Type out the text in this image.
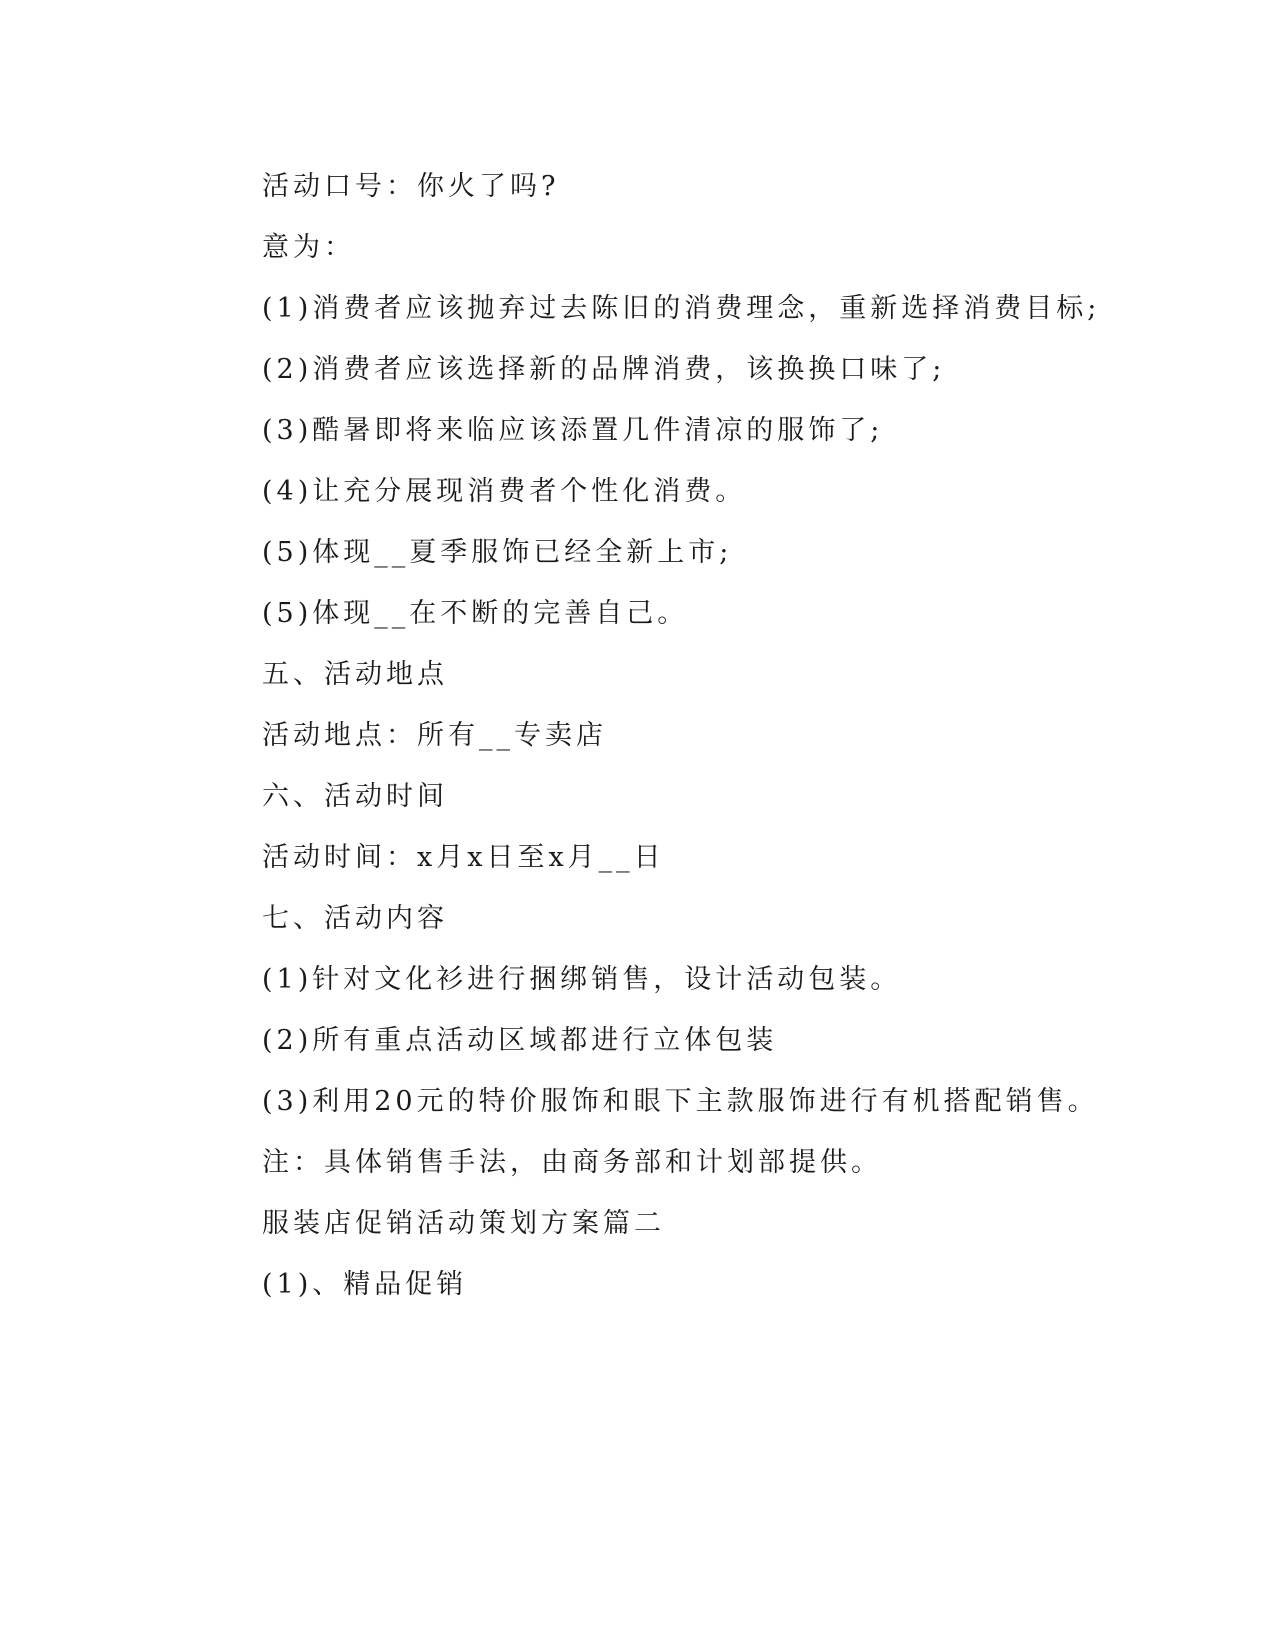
活动口号：你火了吗?
意为：
(1)消费者应该抛弃过去陈旧的消费理念，重新选择消费目标;
(2)消费者应该选择新的品牌消费，该换换口味了;
(3)酷暑即将来临应该添置几件清凉的服饰了;
(4)让充分展现消费者个性化消费。
(5)体现__夏季服饰已经全新上市;
(5)体现__在不断的完善自己。
五、活动地点
活动地点：所有__专卖店
六、活动时间
活动时间：x月x日至x月__日
七、活动内容
(1)针对文化衫进行捆绑销售，设计活动包装。
(2)所有重点活动区域都进行立体包装
(3)利用20元的特价服饰和眼下主款服饰进行有机搭配销售。
注：具体销售手法，由商务部和计划部提供。
服装店促销活动策划方案篇二
(1)、精品促销
